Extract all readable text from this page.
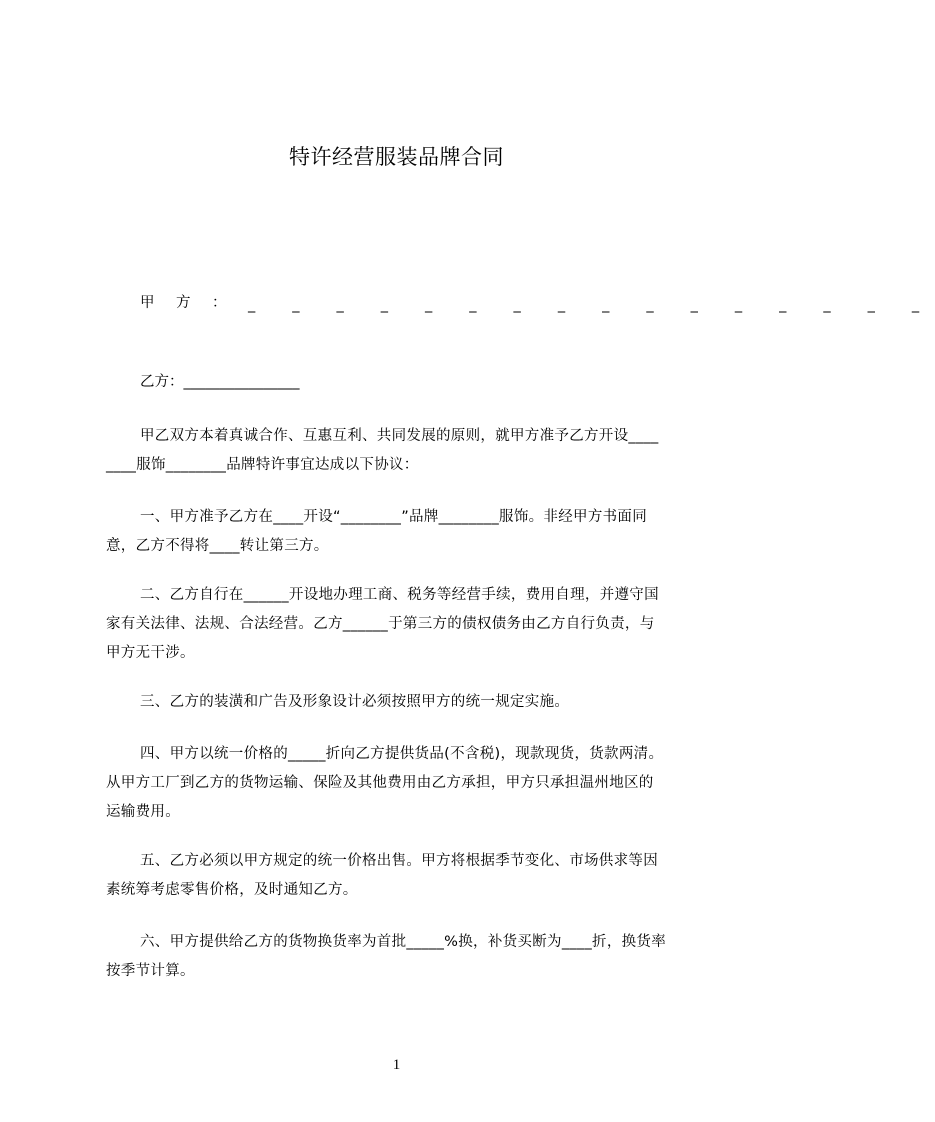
特许经营服装品牌合同
甲 方 ： _ _ _ _ _ _ _ _ _ _ _ _ _ _ _ _
乙方：________________
甲乙双方本着真诚合作、互惠互利、共同发展的原则，就甲方准予乙方开设____
____服饰________品牌特许事宜达成以下协议：
一、甲方准予乙方在____开设“________”品牌________服饰。非经甲方书面同
意，乙方不得将____转让第三方。
二、乙方自行在______开设地办理工商、税务等经营手续，费用自理，并遵守国
家有关法律、法规、合法经营。乙方______于第三方的债权债务由乙方自行负责，与
甲方无干涉。
三、乙方的装潢和广告及形象设计必须按照甲方的统一规定实施。
四、甲方以统一价格的_____折向乙方提供货品(不含税)，现款现货，货款两清。
从甲方工厂到乙方的货物运输、保险及其他费用由乙方承担，甲方只承担温州地区的
运输费用。
五、乙方必须以甲方规定的统一价格出售。甲方将根据季节变化、市场供求等因
素统筹考虑零售价格，及时通知乙方。
六、甲方提供给乙方的货物换货率为首批_____%换，补货买断为____折，换货率
按季节计算。
1
